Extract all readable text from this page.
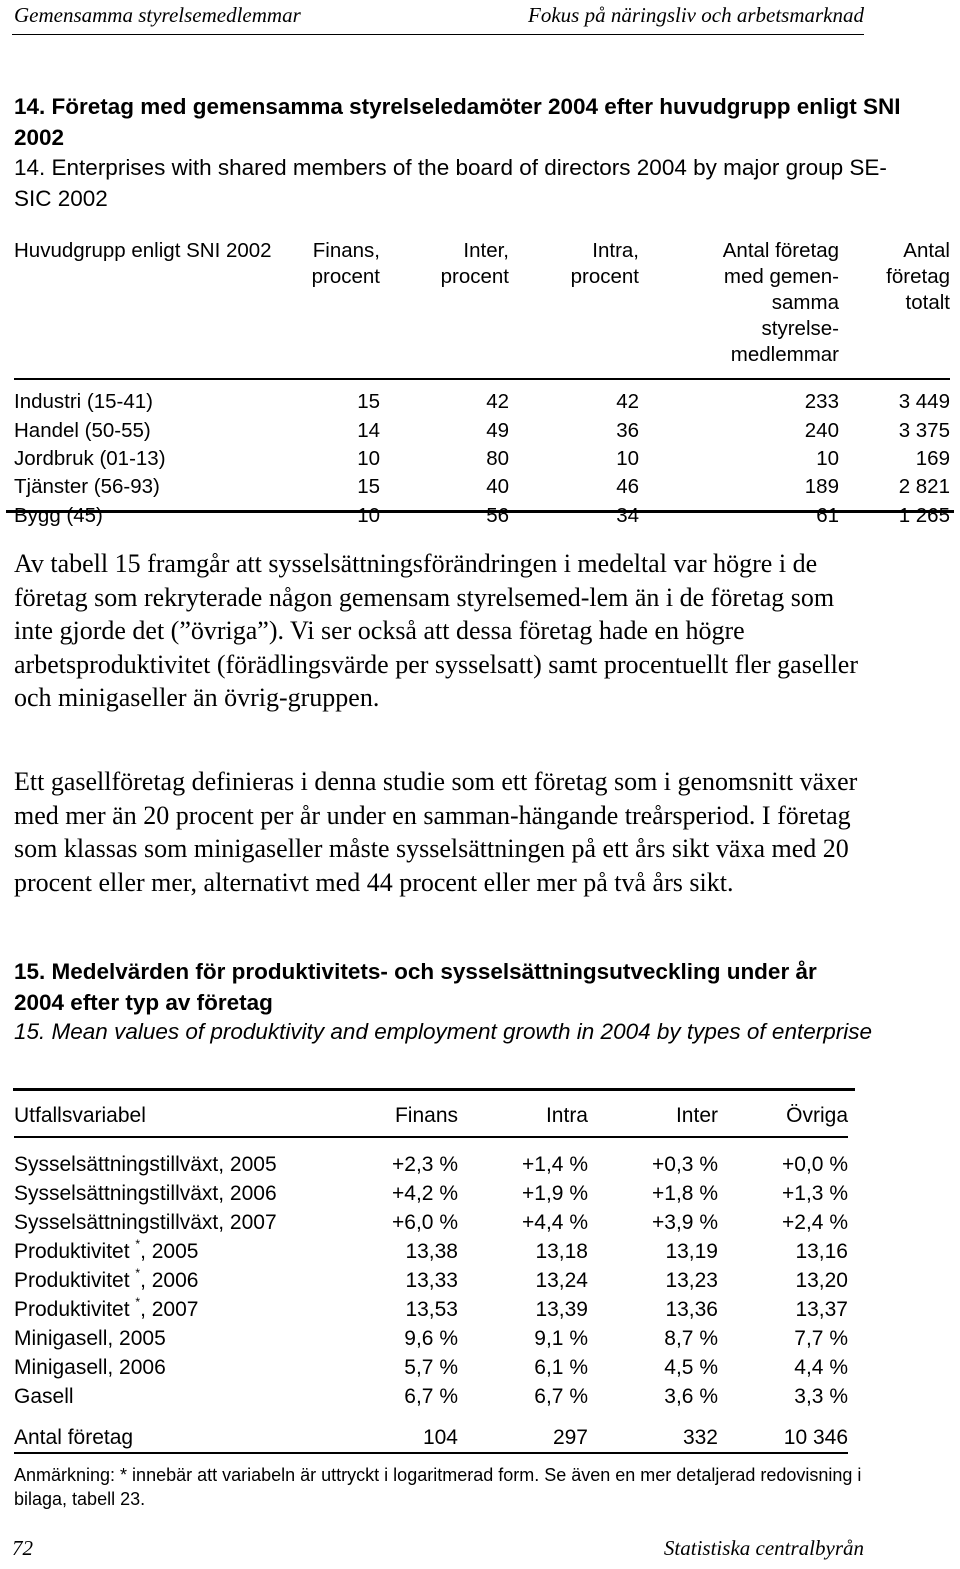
Gemensamma styrelsemedlemmar	Fokus på näringsliv och arbetsmarknad
14. Företag med gemensamma styrelseledamöter 2004 efter huvudgrupp enligt SNI 2002
14. Enterprises with shared members of the board of directors 2004 by major group SE-SIC 2002
Huvudgrupp enligt SNI 2002	Finans, procent	Inter, procent	Intra, procent	Antal företag med gemen-samma styrelse-medlemmar	Antal företag totalt

Industri (15-41)	15	42	42	233	3 449
Handel (50-55)	14	49	36	240	3 375
Jordbruk (01-13)	10	80	10	10	169
Tjänster (56-93)	15	40	46	189	2 821
Bygg (45)	10	56	34	61	1 265
Av tabell 15 framgår att sysselsättningsförändringen i medeltal var högre i de företag som rekryterade någon gemensam styrelsemed-lem än i de företag som inte gjorde det (”övriga”). Vi ser också att dessa företag hade en högre arbetsproduktivitet (förädlingsvärde per sysselsatt) samt procentuellt fler gaseller och minigaseller än övrig-gruppen.
Ett gasellföretag definieras i denna studie som ett företag som i genomsnitt växer med mer än 20 procent per år under en samman-hängande treårsperiod. I företag som klassas som minigaseller måste sysselsättningen på ett års sikt växa med 20 procent eller mer, alternativt med 44 procent eller mer på två års sikt.
15. Medelvärden för produktivitets- och sysselsättningsutveckling under år 2004 efter typ av företag
15. Mean values of produktivity and employment growth in 2004 by types of enterprise
Utfallsvariabel	Finans	Intra	Inter	Övriga
Sysselsättningstillväxt, 2005	+2,3 %	+1,4 %	+0,3 %	+0,0 %
Sysselsättningstillväxt, 2006	+4,2 %	+1,9 %	+1,8 %	+1,3 %
Sysselsättningstillväxt, 2007	+6,0 %	+4,4 %	+3,9 %	+2,4 %
Produktivitet *, 2005	13,38	13,18	13,19	13,16
Produktivitet *, 2006	13,33	13,24	13,23	13,20
Produktivitet *, 2007	13,53	13,39	13,36	13,37
Minigasell, 2005	9,6 %	9,1 %	8,7 %	7,7 %
Minigasell, 2006	5,7 %	6,1 %	4,5 %	4,4 %
Gasell	6,7 %	6,7 %	3,6 %	3,3 %
Antal företag	104	297	332	10 346
Anmärkning: * innebär att variabeln är uttryckt i logaritmerad form. Se även en mer detaljerad redovisning i bilaga, tabell 23.
72	Statistiska centralbyrån
